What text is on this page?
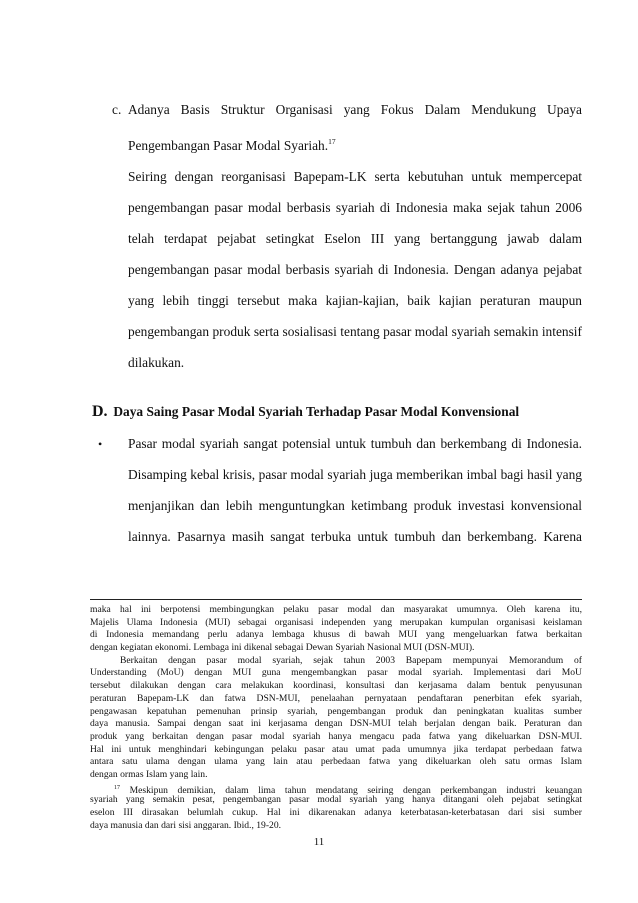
c. Adanya Basis Struktur Organisasi yang Fokus Dalam Mendukung Upaya
Pengembangan Pasar Modal Syariah.$^{17}$
Seiring dengan reorganisasi Bapepam-LK serta kebutuhan untuk mempercepat
pengembangan pasar modal berbasis syariah di Indonesia maka sejak tahun 2006
telah terdapat pejabat setingkat Eselon III yang bertanggung jawab dalam
pengembangan pasar modal berbasis syariah di Indonesia. Dengan adanya pejabat
yang lebih tinggi tersebut maka kajian-kajian, baik kajian peraturan maupun
pengembangan produk serta sosialisasi tentang pasar modal syariah semakin intensif
dilakukan.
D. Daya Saing Pasar Modal Syariah Terhadap Pasar Modal Konvensional
• Pasar modal syariah sangat potensial untuk tumbuh dan berkembang di Indonesia.
Disamping kebal krisis, pasar modal syariah juga memberikan imbal bagi hasil yang
menjanjikan dan lebih menguntungkan ketimbang produk investasi konvensional
lainnya. Pasarnya masih sangat terbuka untuk tumbuh dan berkembang. Karena
maka hal ini berpotensi membingungkan pelaku pasar modal dan masyarakat umumnya. Oleh karena itu,
Majelis Ulama Indonesia (MUI) sebagai organisasi independen yang merupakan kumpulan organisasi keislaman
di Indonesia memandang perlu adanya lembaga khusus di bawah MUI yang mengeluarkan fatwa berkaitan
dengan kegiatan ekonomi. Lembaga ini dikenal sebagai Dewan Syariah Nasional MUI (DSN-MUI).
Berkaitan dengan pasar modal syariah, sejak tahun 2003 Bapepam mempunyai Memorandum of
Understanding (MoU) dengan MUI guna mengembangkan pasar modal syariah. Implementasi dari MoU
tersebut dilakukan dengan cara melakukan koordinasi, konsultasi dan kerjasama dalam bentuk penyusunan
peraturan Bapepam-LK dan fatwa DSN-MUI, penelaahan pernyataan pendaftaran penerbitan efek syariah,
pengawasan kepatuhan pemenuhan prinsip syariah, pengembangan produk dan peningkatan kualitas sumber
daya manusia. Sampai dengan saat ini kerjasama dengan DSN-MUI telah berjalan dengan baik. Peraturan dan
produk yang berkaitan dengan pasar modal syariah hanya mengacu pada fatwa yang dikeluarkan DSN-MUI.
Hal ini untuk menghindari kebingungan pelaku pasar atau umat pada umumnya jika terdapat perbedaan fatwa
antara satu ulama dengan ulama yang lain atau perbedaan fatwa yang dikeluarkan oleh satu ormas Islam
dengan ormas Islam yang lain.
$^{17}$ Meskipun demikian, dalam lima tahun mendatang seiring dengan perkembangan industri keuangan
syariah yang semakin pesat, pengembangan pasar modal syariah yang hanya ditangani oleh pejabat setingkat
eselon III dirasakan belumlah cukup. Hal ini dikarenakan adanya keterbatasan-keterbatasan dari sisi sumber
daya manusia dan dari sisi anggaran. Ibid., 19-20.
11
